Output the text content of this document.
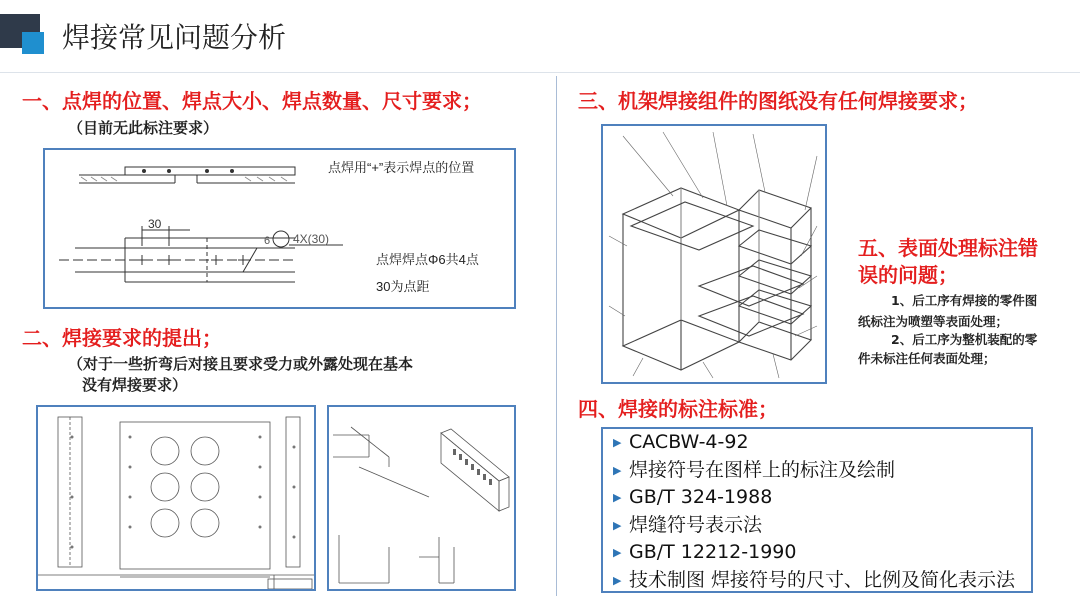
焊接常见问题分析
一、点焊的位置、焊点大小、焊点数量、尺寸要求；
（目前无此标注要求）
点焊用“+”表示焊点的位置
30
6 4X(30)
点焊焊点Φ6共4点
30为点距
二、焊接要求的提出；
（对于一些折弯后对接且要求受力或外露处现在基本
没有焊接要求）
三、机架焊接组件的图纸没有任何焊接要求；
五、表面处理标注错
误的问题；
1、后工序有焊接的零件图
纸标注为喷塑等表面处理；
2、后工序为整机装配的零
件未标注任何表面处理；
四、焊接的标注标准；
▶ CACBW-4-92
▶ 焊接符号在图样上的标注及绘制
▶ GB/T 324-1988
▶ 焊缝符号表示法
▶ GB/T 12212-1990
▶ 技术制图 焊接符号的尺寸、比例及简化表示法
